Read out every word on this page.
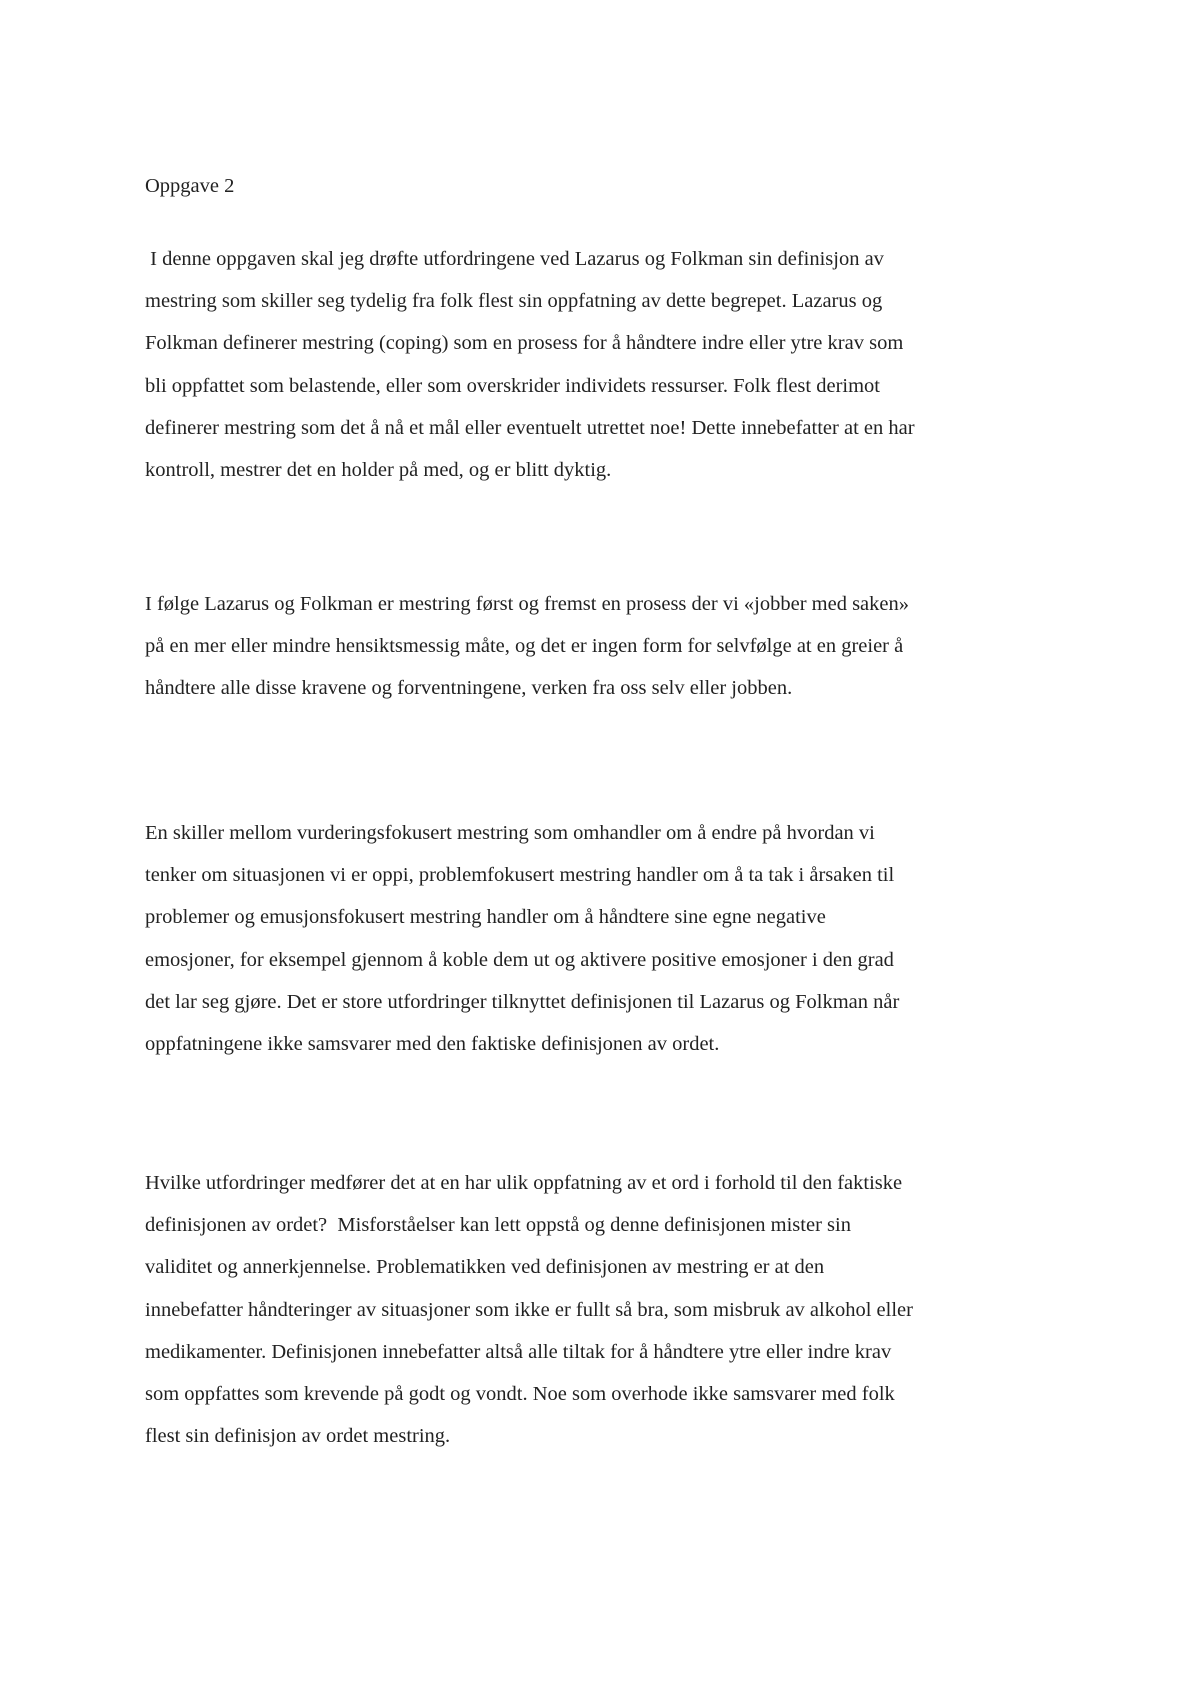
Oppgave 2
I denne oppgaven skal jeg drøfte utfordringene ved Lazarus og Folkman sin definisjon av
mestring som skiller seg tydelig fra folk flest sin oppfatning av dette begrepet. Lazarus og
Folkman definerer mestring (coping) som en prosess for å håndtere indre eller ytre krav som
bli oppfattet som belastende, eller som overskrider individets ressurser. Folk flest derimot
definerer mestring som det å nå et mål eller eventuelt utrettet noe! Dette innebefatter at en har
kontroll, mestrer det en holder på med, og er blitt dyktig.
I følge Lazarus og Folkman er mestring først og fremst en prosess der vi «jobber med saken»
på en mer eller mindre hensiktsmessig måte, og det er ingen form for selvfølge at en greier å
håndtere alle disse kravene og forventningene, verken fra oss selv eller jobben.
En skiller mellom vurderingsfokusert mestring som omhandler om å endre på hvordan vi
tenker om situasjonen vi er oppi, problemfokusert mestring handler om å ta tak i årsaken til
problemer og emusjonsfokusert mestring handler om å håndtere sine egne negative
emosjoner, for eksempel gjennom å koble dem ut og aktivere positive emosjoner i den grad
det lar seg gjøre. Det er store utfordringer tilknyttet definisjonen til Lazarus og Folkman når
oppfatningene ikke samsvarer med den faktiske definisjonen av ordet.
Hvilke utfordringer medfører det at en har ulik oppfatning av et ord i forhold til den faktiske
definisjonen av ordet?  Misforståelser kan lett oppstå og denne definisjonen mister sin
validitet og annerkjennelse. Problematikken ved definisjonen av mestring er at den
innebefatter håndteringer av situasjoner som ikke er fullt så bra, som misbruk av alkohol eller
medikamenter. Definisjonen innebefatter altså alle tiltak for å håndtere ytre eller indre krav
som oppfattes som krevende på godt og vondt. Noe som overhode ikke samsvarer med folk
flest sin definisjon av ordet mestring.
